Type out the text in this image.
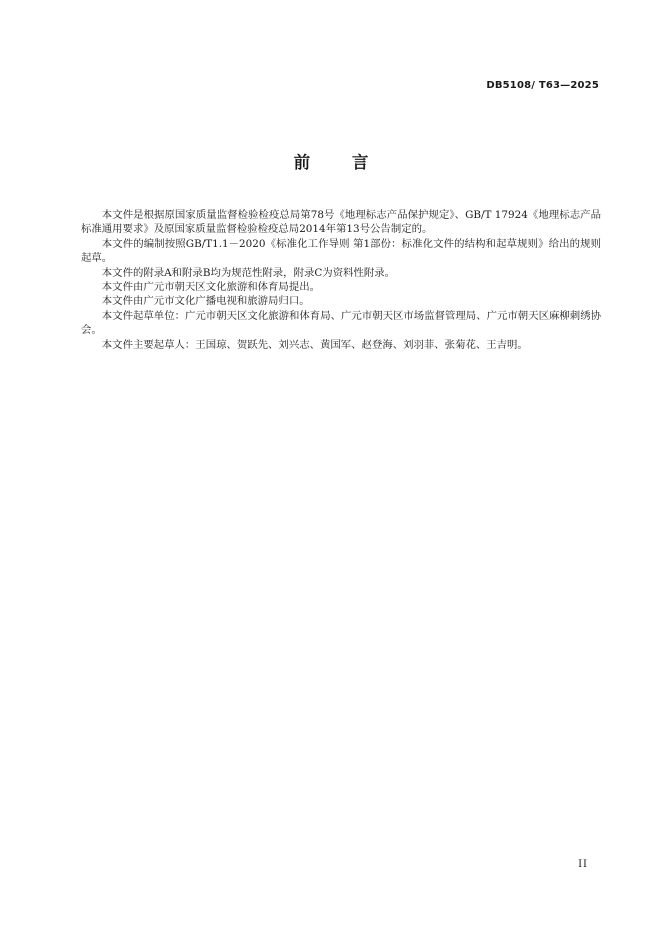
DB5108/ T63—2025
前 言

本文件是根据原国家质量监督检验检疫总局第78号《地理标志产品保护规定》、GB/T 17924《地理标志产品标准通用要求》及原国家质量监督检验检疫总局2014年第13号公告制定的。

本文件的编制按照GB/T1.1－2020《标准化工作导则 第1部份：标准化文件的结构和起草规则》给出的规则起草。

本文件的附录A和附录B均为规范性附录，附录C为资料性附录。

本文件由广元市朝天区文化旅游和体育局提出。

本文件由广元市文化广播电视和旅游局归口。

本文件起草单位：广元市朝天区文化旅游和体育局、广元市朝天区市场监督管理局、广元市朝天区麻柳刺绣协会。

本文件主要起草人：王国琼、贺跃先、刘兴志、黄国军、赵登海、刘羽菲、张菊花、王吉明。

II
